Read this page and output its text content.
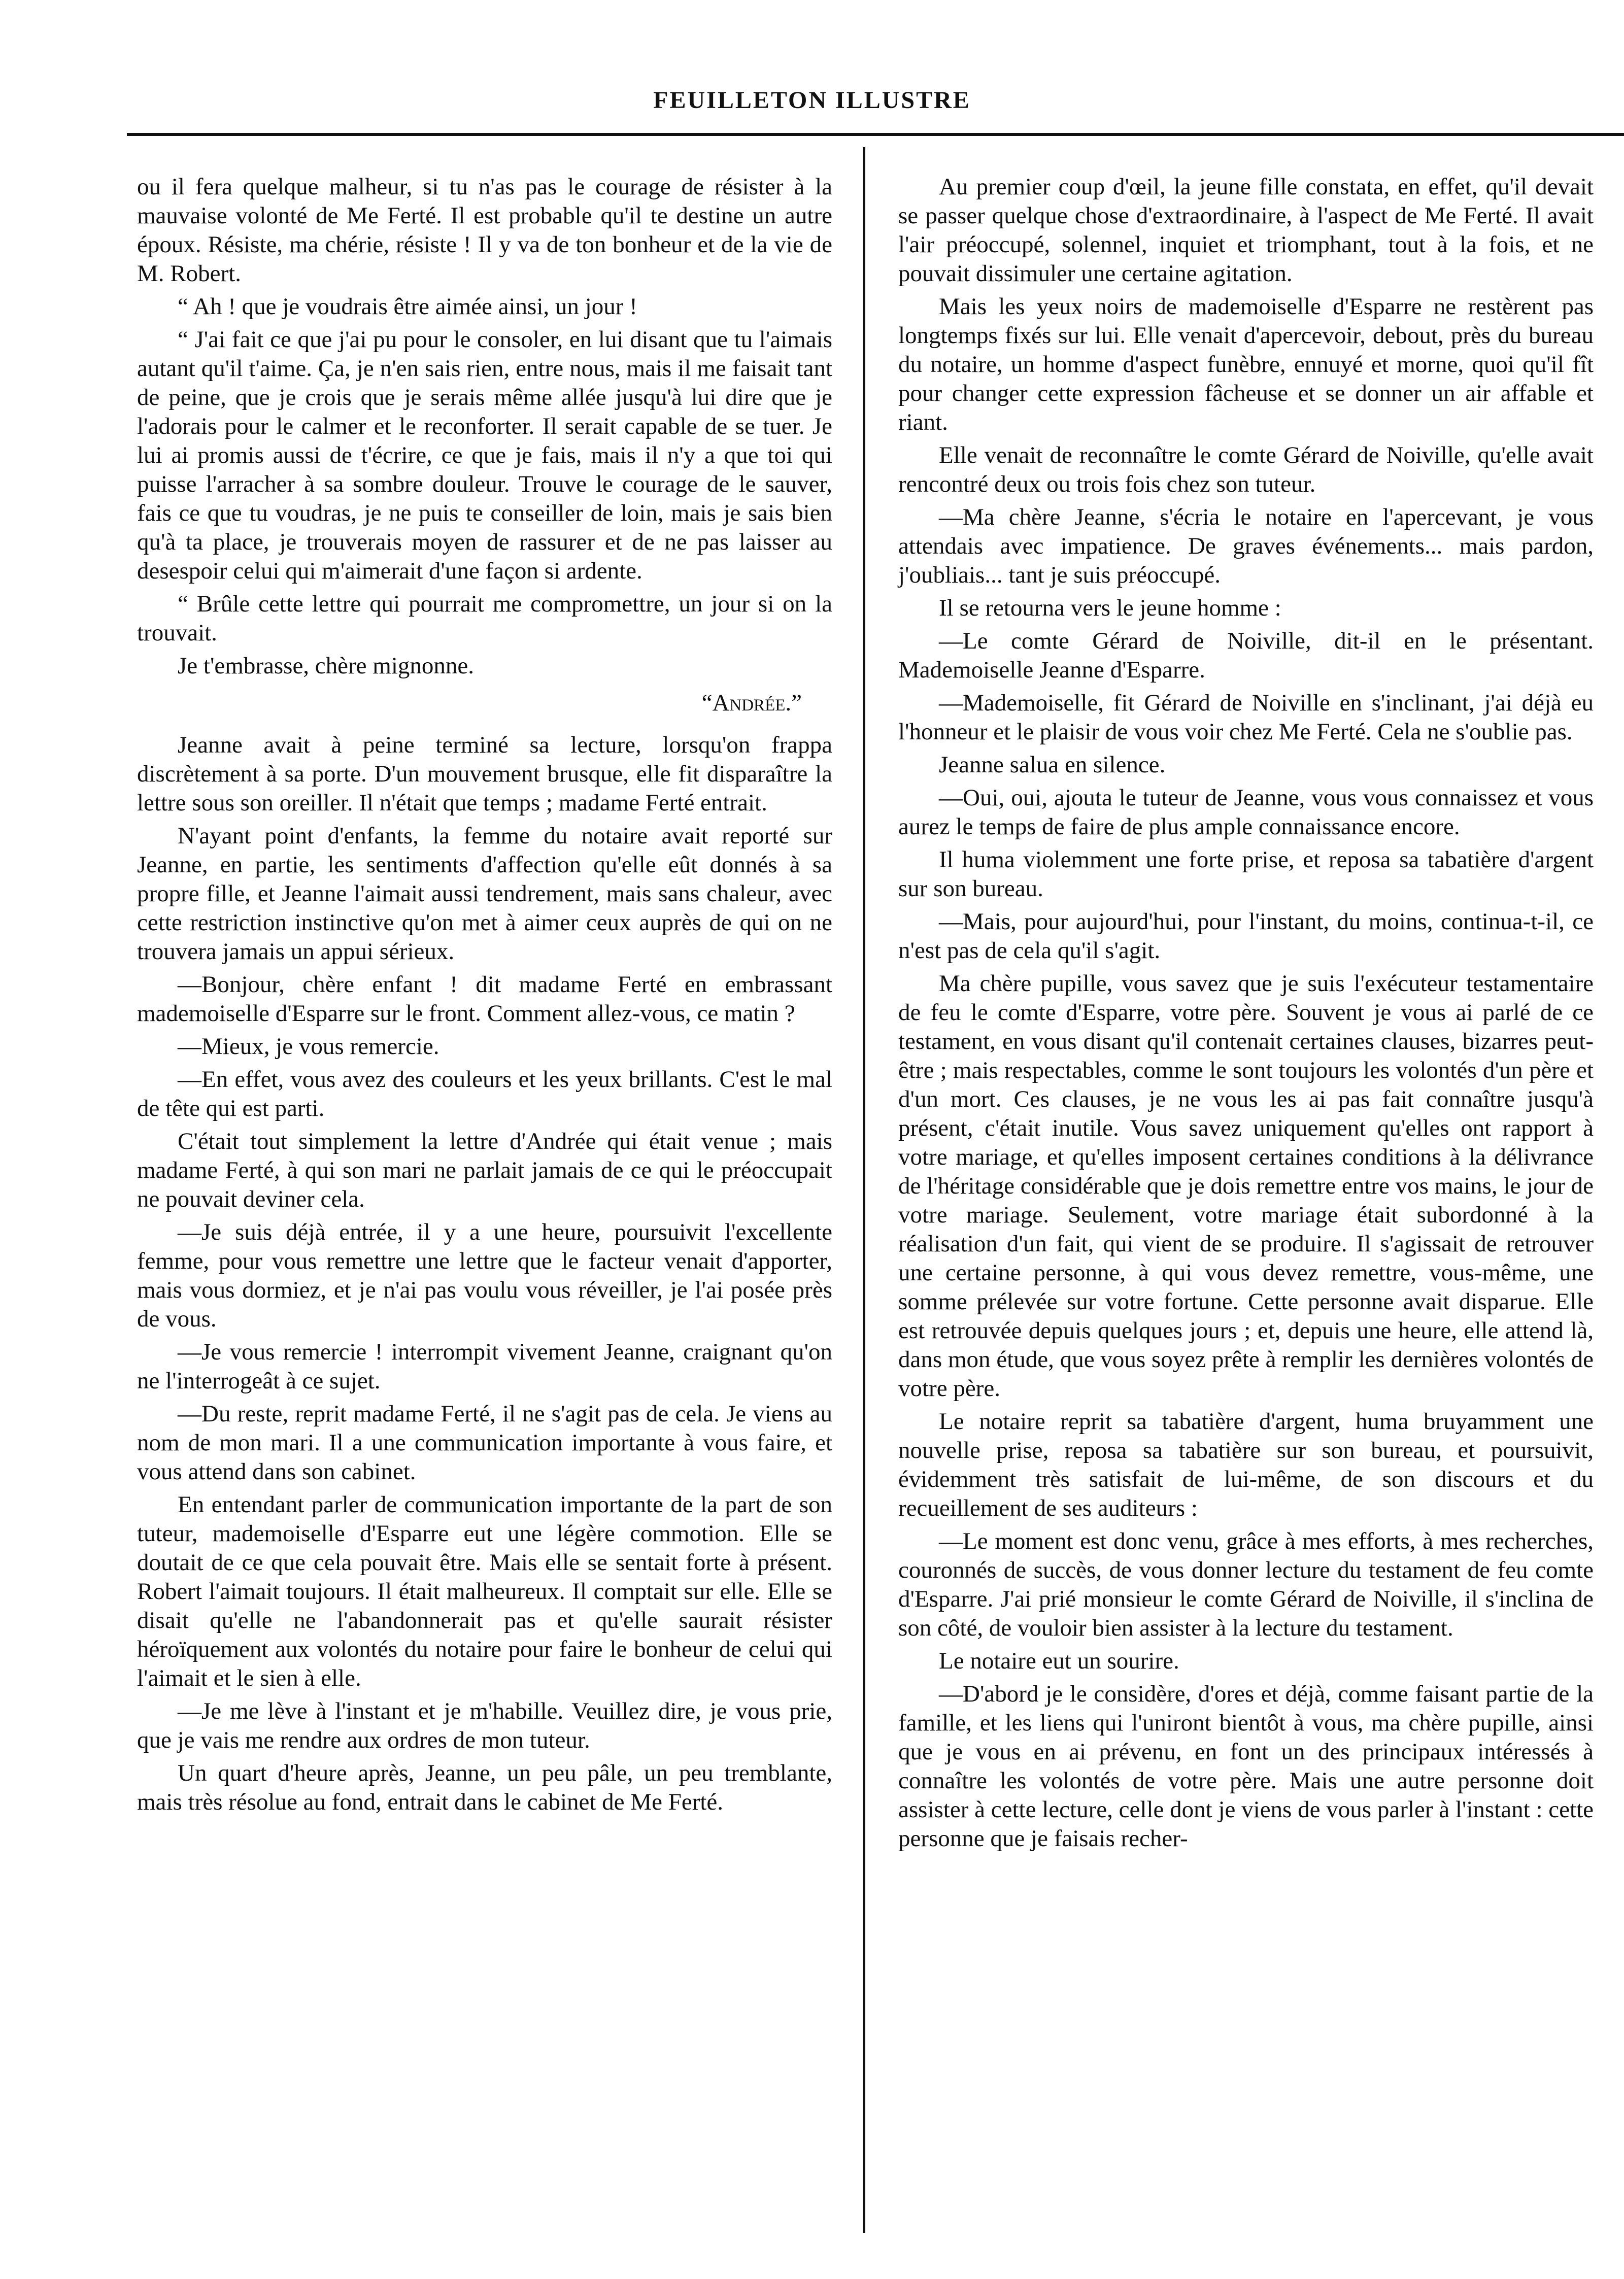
FEUILLETON ILLUSTRE

ou il fera quelque malheur, si tu n'as pas le courage de résister à la mauvaise volonté de Me Ferté. Il est probable qu'il te destine un autre époux. Résiste, ma chérie, résiste ! Il y va de ton bonheur et de la vie de M. Robert.

“ Ah ! que je voudrais être aimée ainsi, un jour !

“ J'ai fait ce que j'ai pu pour le consoler, en lui disant que tu l'aimais autant qu'il t'aime. Ça, je n'en sais rien, entre nous, mais il me faisait tant de peine, que je crois que je serais même allée jusqu'à lui dire que je l'adorais pour le calmer et le reconforter. Il serait capable de se tuer. Je lui ai promis aussi de t'écrire, ce que je fais, mais il n'y a que toi qui puisse l'arracher à sa sombre douleur. Trouve le courage de le sauver, fais ce que tu voudras, je ne puis te conseiller de loin, mais je sais bien qu'à ta place, je trouverais moyen de rassurer et de ne pas laisser au desespoir celui qui m'aimerait d'une façon si ardente.

“ Brûle cette lettre qui pourrait me compromettre, un jour si on la trouvait.

Je t'embrasse, chère mignonne.

“Andrée.”

Jeanne avait à peine terminé sa lecture, lorsqu'on frappa discrètement à sa porte. D'un mouvement brusque, elle fit disparaître la lettre sous son oreiller. Il n'était que temps ; madame Ferté entrait.

N'ayant point d'enfants, la femme du notaire avait reporté sur Jeanne, en partie, les sentiments d'affection qu'elle eût donnés à sa propre fille, et Jeanne l'aimait aussi tendrement, mais sans chaleur, avec cette restriction instinctive qu'on met à aimer ceux auprès de qui on ne trouvera jamais un appui sérieux.

—Bonjour, chère enfant ! dit madame Ferté en embrassant mademoiselle d'Esparre sur le front. Comment allez-vous, ce matin ?

—Mieux, je vous remercie.

—En effet, vous avez des couleurs et les yeux brillants. C'est le mal de tête qui est parti.

C'était tout simplement la lettre d'Andrée qui était venue ; mais madame Ferté, à qui son mari ne parlait jamais de ce qui le préoccupait ne pouvait deviner cela.

—Je suis déjà entrée, il y a une heure, poursuivit l'excellente femme, pour vous remettre une lettre que le facteur venait d'apporter, mais vous dormiez, et je n'ai pas voulu vous réveiller, je l'ai posée près de vous.

—Je vous remercie ! interrompit vivement Jeanne, craignant qu'on ne l'interrogeât à ce sujet.

—Du reste, reprit madame Ferté, il ne s'agit pas de cela. Je viens au nom de mon mari. Il a une communication importante à vous faire, et vous attend dans son cabinet.

En entendant parler de communication importante de la part de son tuteur, mademoiselle d'Esparre eut une légère commotion. Elle se doutait de ce que cela pouvait être. Mais elle se sentait forte à présent. Robert l'aimait toujours. Il était malheureux. Il comptait sur elle. Elle se disait qu'elle ne l'abandonnerait pas et qu'elle saurait résister héroïquement aux volontés du notaire pour faire le bonheur de celui qui l'aimait et le sien à elle.

—Je me lève à l'instant et je m'habille. Veuillez dire, je vous prie, que je vais me rendre aux ordres de mon tuteur.

Un quart d'heure après, Jeanne, un peu pâle, un peu tremblante, mais très résolue au fond, entrait dans le cabinet de Me Ferté.

Au premier coup d'œil, la jeune fille constata, en effet, qu'il devait se passer quelque chose d'extraordinaire, à l'aspect de Me Ferté. Il avait l'air préoccupé, solennel, inquiet et triomphant, tout à la fois, et ne pouvait dissimuler une certaine agitation.

Mais les yeux noirs de mademoiselle d'Esparre ne restèrent pas longtemps fixés sur lui. Elle venait d'apercevoir, debout, près du bureau du notaire, un homme d'aspect funèbre, ennuyé et morne, quoi qu'il fît pour changer cette expression fâcheuse et se donner un air affable et riant.

Elle venait de reconnaître le comte Gérard de Noiville, qu'elle avait rencontré deux ou trois fois chez son tuteur.

—Ma chère Jeanne, s'écria le notaire en l'apercevant, je vous attendais avec impatience. De graves événements... mais pardon, j'oubliais... tant je suis préoccupé.

Il se retourna vers le jeune homme :

—Le comte Gérard de Noiville, dit-il en le présentant. Mademoiselle Jeanne d'Esparre.

—Mademoiselle, fit Gérard de Noiville en s'inclinant, j'ai déjà eu l'honneur et le plaisir de vous voir chez Me Ferté. Cela ne s'oublie pas.

Jeanne salua en silence.

—Oui, oui, ajouta le tuteur de Jeanne, vous vous connaissez et vous aurez le temps de faire de plus ample connaissance encore.

Il huma violemment une forte prise, et reposa sa tabatière d'argent sur son bureau.

—Mais, pour aujourd'hui, pour l'instant, du moins, continua-t-il, ce n'est pas de cela qu'il s'agit.

Ma chère pupille, vous savez que je suis l'exécuteur testamentaire de feu le comte d'Esparre, votre père. Souvent je vous ai parlé de ce testament, en vous disant qu'il contenait certaines clauses, bizarres peut-être ; mais respectables, comme le sont toujours les volontés d'un père et d'un mort. Ces clauses, je ne vous les ai pas fait connaître jusqu'à présent, c'était inutile. Vous savez uniquement qu'elles ont rapport à votre mariage, et qu'elles imposent certaines conditions à la délivrance de l'héritage considérable que je dois remettre entre vos mains, le jour de votre mariage. Seulement, votre mariage était subordonné à la réalisation d'un fait, qui vient de se produire. Il s'agissait de retrouver une certaine personne, à qui vous devez remettre, vous-même, une somme prélevée sur votre fortune. Cette personne avait disparue. Elle est retrouvée depuis quelques jours ; et, depuis une heure, elle attend là, dans mon étude, que vous soyez prête à remplir les dernières volontés de votre père.

Le notaire reprit sa tabatière d'argent, huma bruyamment une nouvelle prise, reposa sa tabatière sur son bureau, et poursuivit, évidemment très satisfait de lui-même, de son discours et du recueillement de ses auditeurs :

—Le moment est donc venu, grâce à mes efforts, à mes recherches, couronnés de succès, de vous donner lecture du testament de feu comte d'Esparre. J'ai prié monsieur le comte Gérard de Noiville, il s'inclina de son côté, de vouloir bien assister à la lecture du testament.

Le notaire eut un sourire.

—D'abord je le considère, d'ores et déjà, comme faisant partie de la famille, et les liens qui l'uniront bientôt à vous, ma chère pupille, ainsi que je vous en ai prévenu, en font un des principaux intéressés à connaître les volontés de votre père. Mais une autre personne doit assister à cette lecture, celle dont je viens de vous parler à l'instant : cette personne que je faisais recher-
